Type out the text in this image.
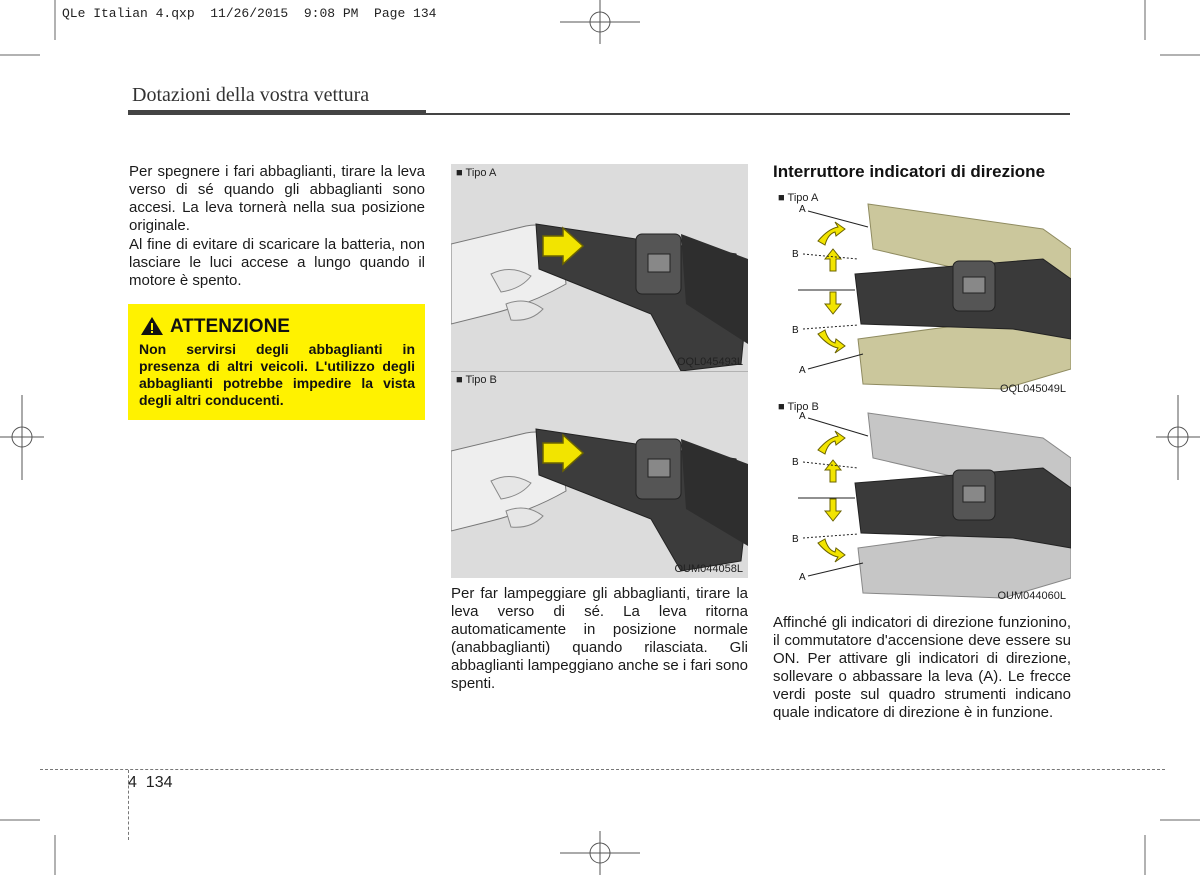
QLe Italian 4.qxp  11/26/2015  9:08 PM  Page 134
Dotazioni della vostra vettura
Per spegnere i fari abbaglianti, tirare la leva verso di sé quando gli abbaglianti sono accesi. La leva tornerà nella sua posizione originale.
Al fine di evitare di scaricare la batteria, non lasciare le luci accese a lungo quando il motore è spento.
ATTENZIONE
Non servirsi degli abbaglianti in presenza di altri veicoli. L'utilizzo degli abbaglianti potrebbe impedire la vista degli altri conducenti.
■ Tipo A
OQL045493L
■ Tipo B
OUM044058L
Per far lampeggiare gli abbaglianti, tirare la leva verso di sé. La leva ritorna automaticamente in posizione normale (anabbaglianti) quando rilasciata. Gli abbaglianti lampeggiano anche se i fari sono spenti.
Interruttore indicatori di direzione
A
B
B
A
■ Tipo A
OQL045049L
A
B
B
A
■ Tipo B
OUM044060L
Affinché gli indicatori di direzione funzionino, il commutatore d'accensione deve essere su ON. Per attivare gli indicatori di direzione, sollevare o abbassare la leva (A). Le frecce verdi poste sul quadro strumenti indicano quale indicatore di direzione è in funzione.
4 134
